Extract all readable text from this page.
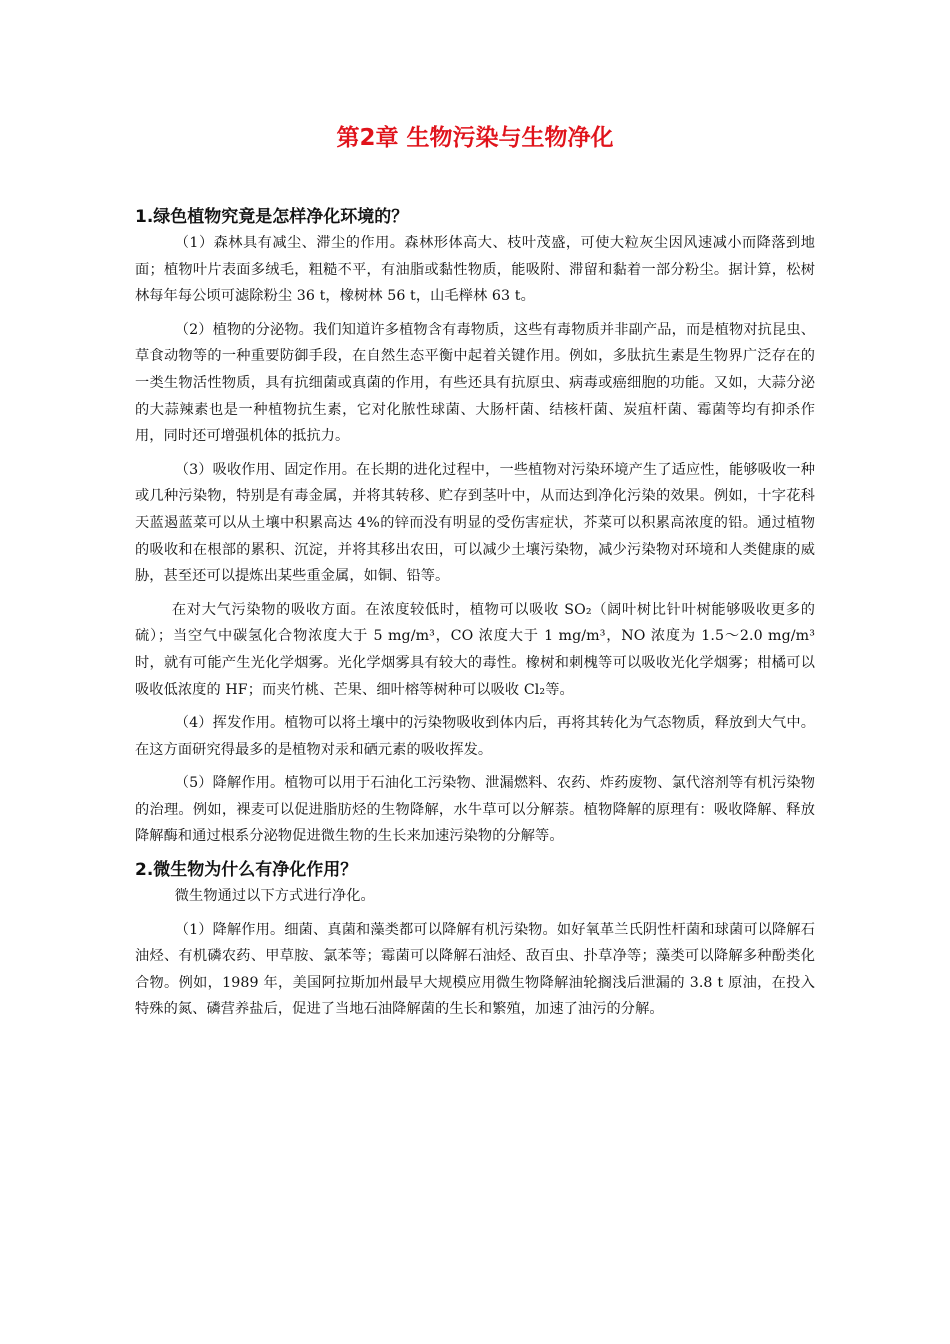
第2章 生物污染与生物净化

1.绿色植物究竟是怎样净化环境的？

（1）森林具有减尘、滞尘的作用。森林形体高大、枝叶茂盛，可使大粒灰尘因风速减小而降落到地面；植物叶片表面多绒毛，粗糙不平，有油脂或黏性物质，能吸附、滞留和黏着一部分粉尘。据计算，松树林每年每公顷可滤除粉尘 36 t，橡树林 56 t，山毛榉林 63 t。

（2）植物的分泌物。我们知道许多植物含有毒物质，这些有毒物质并非副产品，而是植物对抗昆虫、草食动物等的一种重要防御手段，在自然生态平衡中起着关键作用。例如，多肽抗生素是生物界广泛存在的一类生物活性物质，具有抗细菌或真菌的作用，有些还具有抗原虫、病毒或癌细胞的功能。又如，大蒜分泌的大蒜辣素也是一种植物抗生素，它对化脓性球菌、大肠杆菌、结核杆菌、炭疽杆菌、霉菌等均有抑杀作用，同时还可增强机体的抵抗力。

（3）吸收作用、固定作用。在长期的进化过程中，一些植物对污染环境产生了适应性，能够吸收一种或几种污染物，特别是有毒金属，并将其转移、贮存到茎叶中，从而达到净化污染的效果。例如，十字花科天蓝遏蓝菜可以从土壤中积累高达 4%的锌而没有明显的受伤害症状，芥菜可以积累高浓度的铅。通过植物的吸收和在根部的累积、沉淀，并将其移出农田，可以减少土壤污染物，减少污染物对环境和人类健康的威胁，甚至还可以提炼出某些重金属，如铜、铅等。

在对大气污染物的吸收方面。在浓度较低时，植物可以吸收 SO₂（阔叶树比针叶树能够吸收更多的硫）；当空气中碳氢化合物浓度大于 5 mg/m³，CO 浓度大于 1 mg/m³，NO 浓度为 1.5～2.0 mg/m³时，就有可能产生光化学烟雾。光化学烟雾具有较大的毒性。橡树和刺槐等可以吸收光化学烟雾；柑橘可以吸收低浓度的 HF；而夹竹桃、芒果、细叶榕等树种可以吸收 Cl₂等。

（4）挥发作用。植物可以将土壤中的污染物吸收到体内后，再将其转化为气态物质，释放到大气中。在这方面研究得最多的是植物对汞和硒元素的吸收挥发。

（5）降解作用。植物可以用于石油化工污染物、泄漏燃料、农药、炸药废物、氯代溶剂等有机污染物的治理。例如，裸麦可以促进脂肪烃的生物降解，水牛草可以分解萘。植物降解的原理有：吸收降解、释放降解酶和通过根系分泌物促进微生物的生长来加速污染物的分解等。

2.微生物为什么有净化作用？

微生物通过以下方式进行净化。

（1）降解作用。细菌、真菌和藻类都可以降解有机污染物。如好氧革兰氏阴性杆菌和球菌可以降解石油烃、有机磷农药、甲草胺、氯苯等；霉菌可以降解石油烃、敌百虫、扑草净等；藻类可以降解多种酚类化合物。例如，1989 年，美国阿拉斯加州最早大规模应用微生物降解油轮搁浅后泄漏的 3.8 t 原油，在投入特殊的氮、磷营养盐后，促进了当地石油降解菌的生长和繁殖，加速了油污的分解。
